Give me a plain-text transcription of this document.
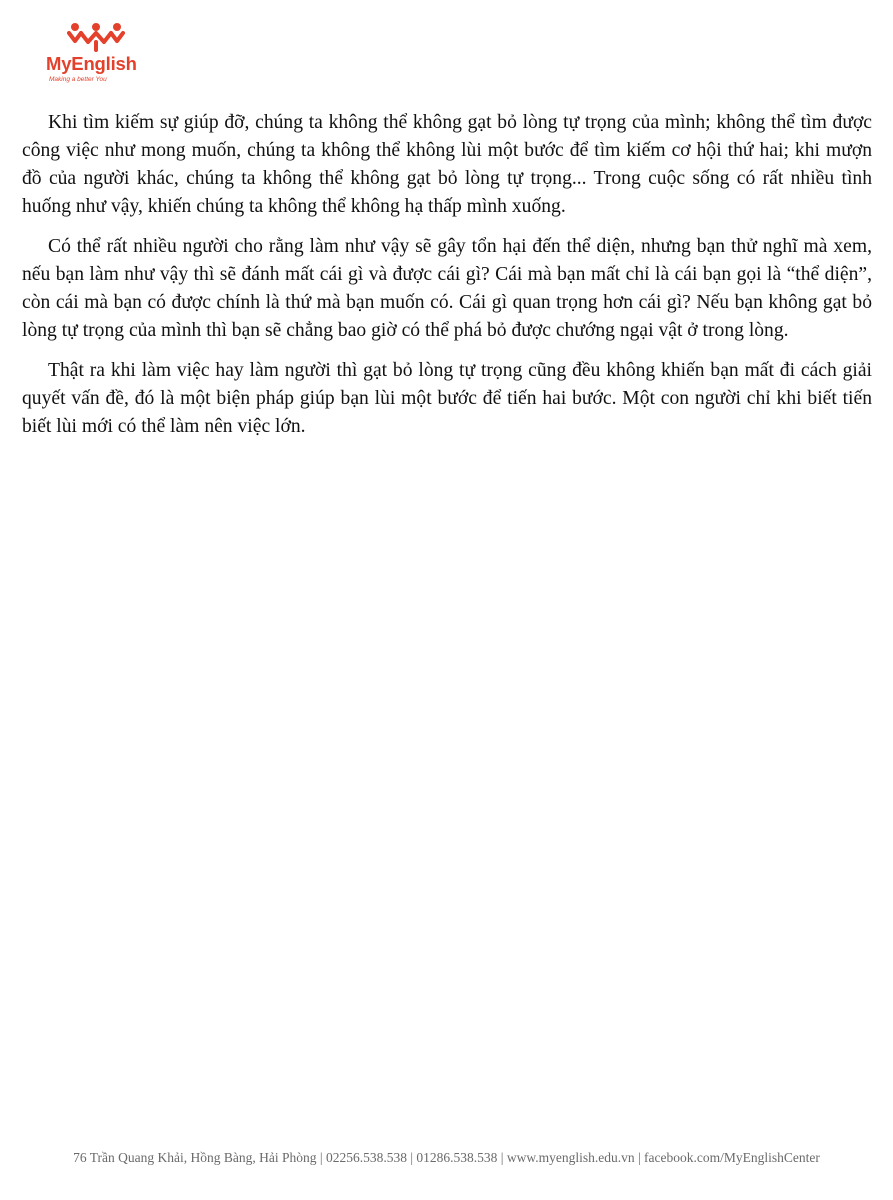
MyEnglish
Making a better You

Khi tìm kiếm sự giúp đỡ, chúng ta không thể không gạt bỏ lòng tự trọng của mình; không thể tìm được công việc như mong muốn, chúng ta không thể không lùi một bước để tìm kiếm cơ hội thứ hai; khi mượn đồ của người khác, chúng ta không thể không gạt bỏ lòng tự trọng... Trong cuộc sống có rất nhiều tình huống như vậy, khiến chúng ta không thể không hạ thấp mình xuống.

Có thể rất nhiều người cho rằng làm như vậy sẽ gây tổn hại đến thể diện, nhưng bạn thử nghĩ mà xem, nếu bạn làm như vậy thì sẽ đánh mất cái gì và được cái gì? Cái mà bạn mất chỉ là cái bạn gọi là “thể diện”, còn cái mà bạn có được chính là thứ mà bạn muốn có. Cái gì quan trọng hơn cái gì? Nếu bạn không gạt bỏ lòng tự trọng của mình thì bạn sẽ chẳng bao giờ có thể phá bỏ được chướng ngại vật ở trong lòng.

Thật ra khi làm việc hay làm người thì gạt bỏ lòng tự trọng cũng đều không khiến bạn mất đi cách giải quyết vấn đề, đó là một biện pháp giúp bạn lùi một bước để tiến hai bước. Một con người chỉ khi biết tiến biết lùi mới có thể làm nên việc lớn.

76 Trần Quang Khải, Hồng Bàng, Hải Phòng | 02256.538.538 | 01286.538.538 | www.myenglish.edu.vn | facebook.com/MyEnglishCenter
